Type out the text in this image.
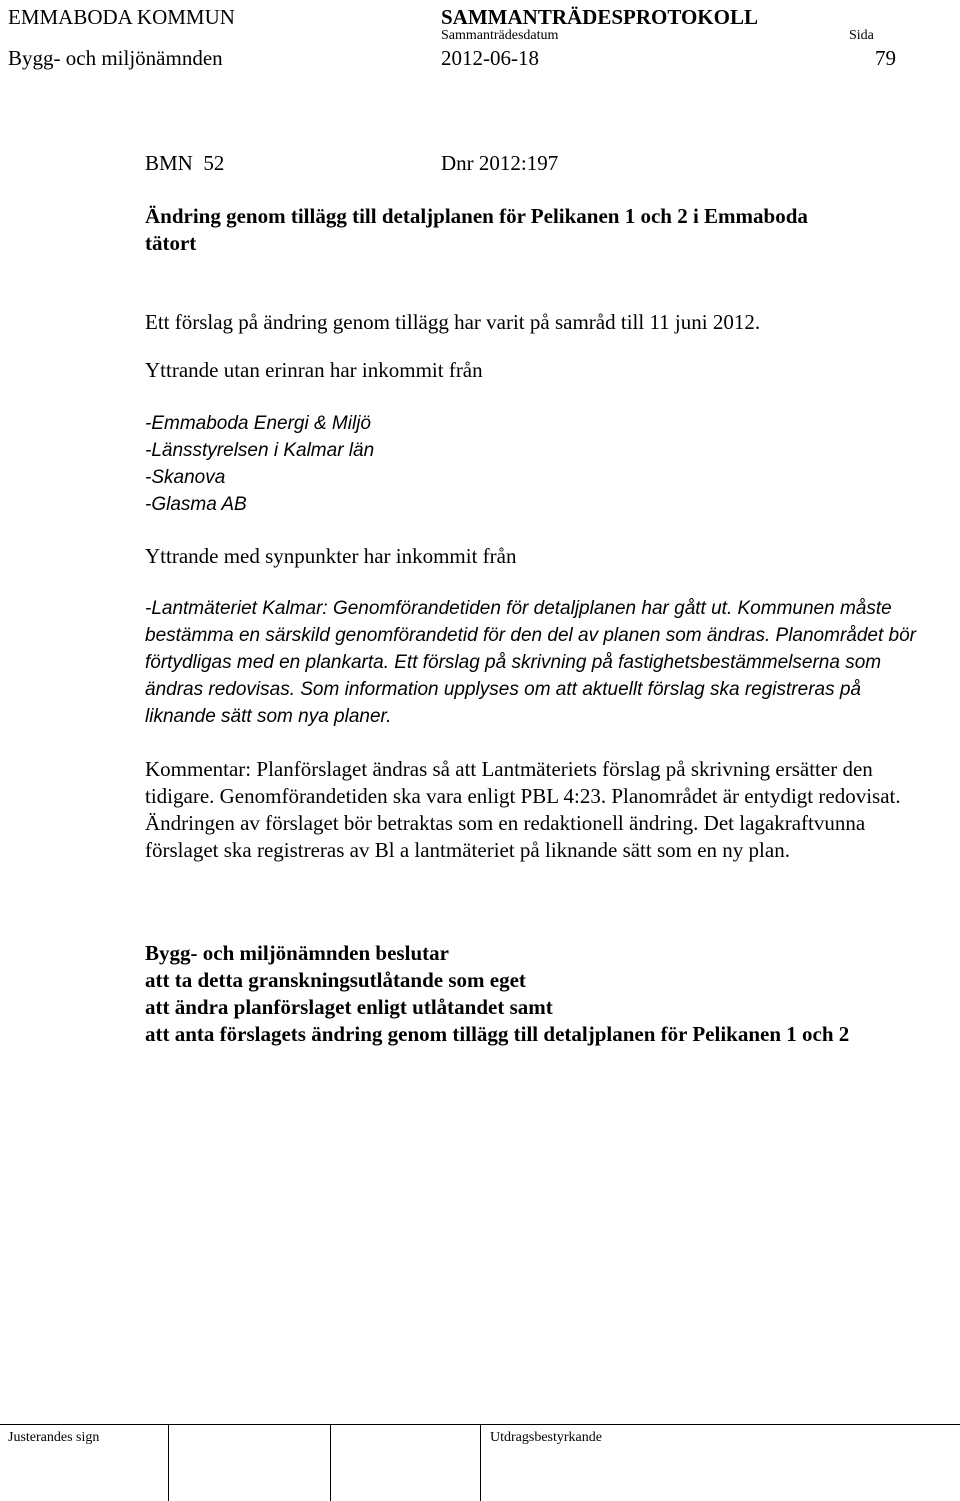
EMMABODA KOMMUN	SAMMANTRÄDESPROTOKOLL
Sammanträdesdatum	Sida
Bygg- och miljönämnden	2012-06-18	79
BMN  52	Dnr 2012:197
Ändring genom tillägg till detaljplanen för Pelikanen 1 och 2 i Emmaboda
tätort
Ett förslag på ändring genom tillägg har varit på samråd till 11 juni 2012.
Yttrande utan erinran har inkommit från
-Emmaboda Energi & Miljö
-Länsstyrelsen i Kalmar län
-Skanova
-Glasma AB
Yttrande med synpunkter har inkommit från
-Lantmäteriet Kalmar: Genomförandetiden för detaljplanen har gått ut. Kommunen måste bestämma en särskild genomförandetid för den del av planen som ändras. Planområdet bör förtydligas med en plankarta. Ett förslag på skrivning på fastighetsbestämmelserna som ändras redovisas. Som information upplyses om att aktuellt förslag ska registreras på liknande sätt som nya planer.
Kommentar: Planförslaget ändras så att Lantmäteriets förslag på skrivning ersätter den tidigare. Genomförandetiden ska vara enligt PBL 4:23. Planområdet är entydigt redovisat. Ändringen av förslaget bör betraktas som en redaktionell ändring. Det lagakraftvunna förslaget ska registreras av Bl a lantmäteriet på liknande sätt som en ny plan.
Bygg- och miljönämnden beslutar
att ta detta granskningsutlåtande som eget
att ändra planförslaget enligt utlåtandet samt
att anta förslagets ändring genom tillägg till detaljplanen för Pelikanen 1 och 2
Justerandes sign	Utdragsbestyrkande
